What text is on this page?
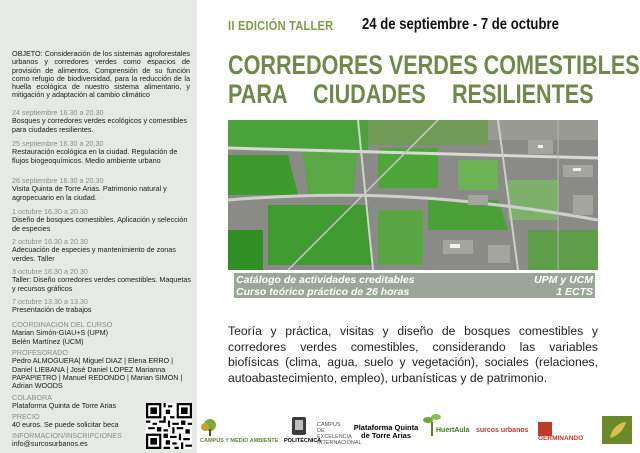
OBJETO: Consideración de los sistemas agroforestales urbanos y corredores verdes como espacios de provisión de alimentos. Comprensión de su función como refugio de biodiversidad, para la reducción de la huella ecológica de nuestro sistema alimentario, y mitigación y adaptación al cambio climático

24 septiembre 16.30 a 20.30
Bosques y corredores verdes ecológicos y comestibles para ciudades resilientes.
25 septiembre 16.30 a 20.30
Restauración ecológica en la ciudad. Regulación de flujos biogeoquímicos. Medio ambiente urbano
26 septiembre 16.30 a 20.30
Visita Quinta de Torre Arias. Patrimonio natural y agropecuario en la ciudad.
1 octubre 16.30 a 20.30
Diseño de bosques comestibles. Aplicación y selección de especies
2 octubre 16.30 a 20.30
Adecuación de especies y mantenimiento de zonas verdes. Taller
3 octubre 16.30 a 20.30
Taller: Diseño corredores verdes comestibles. Maquetas y recursos gráficos
7 octubre 13.30 a 13.30
Presentación de trabajos
COORDINACION DEL CURSO
Marian Simón-GIAU+S (UPM)
Belén Martínez (UCM)
PROFESORADO
Pedro ALMOGUERA| Miguel DIAZ | Elena ERRO | Daniel LIEBANA | José Daniel LOPEZ Marianna PAPAPIETRO | Manuel REDONDO | Marian SIMON | Adrian WOODS
COLABORA
Plataforma Quinta de Torre Arias
PRECIO
40 euros. Se puede solicitar beca
INFORMACION/INSCRIPCIONES
info@surcosurbanos.es
II EDICIÓN TALLER 24 de septiembre - 7 de octubre
CORREDORES VERDES COMESTIBLES
PARA CIUDADES RESILIENTES
Catálogo de actividades creditables	UPM y UCM
Curso teórico práctico de 26 horas	1 ECTS

Teoría y práctica, visitas y diseño de bosques comestibles y corredores verdes comestibles, considerando las variables biofísicas (clima, agua, suelo y vegetación), sociales (relaciones, autoabastecimiento, empleo), urbanísticas y de patrimonio.

CAMPUS Y MEDIO AMBIENTE POLITÉCNICA
CAMPUS DE EXCELENCIA INTERNACIONAL
Plataforma Quinta de Torre Arias
HuertAula surcos urbanos
GERMINANDO
